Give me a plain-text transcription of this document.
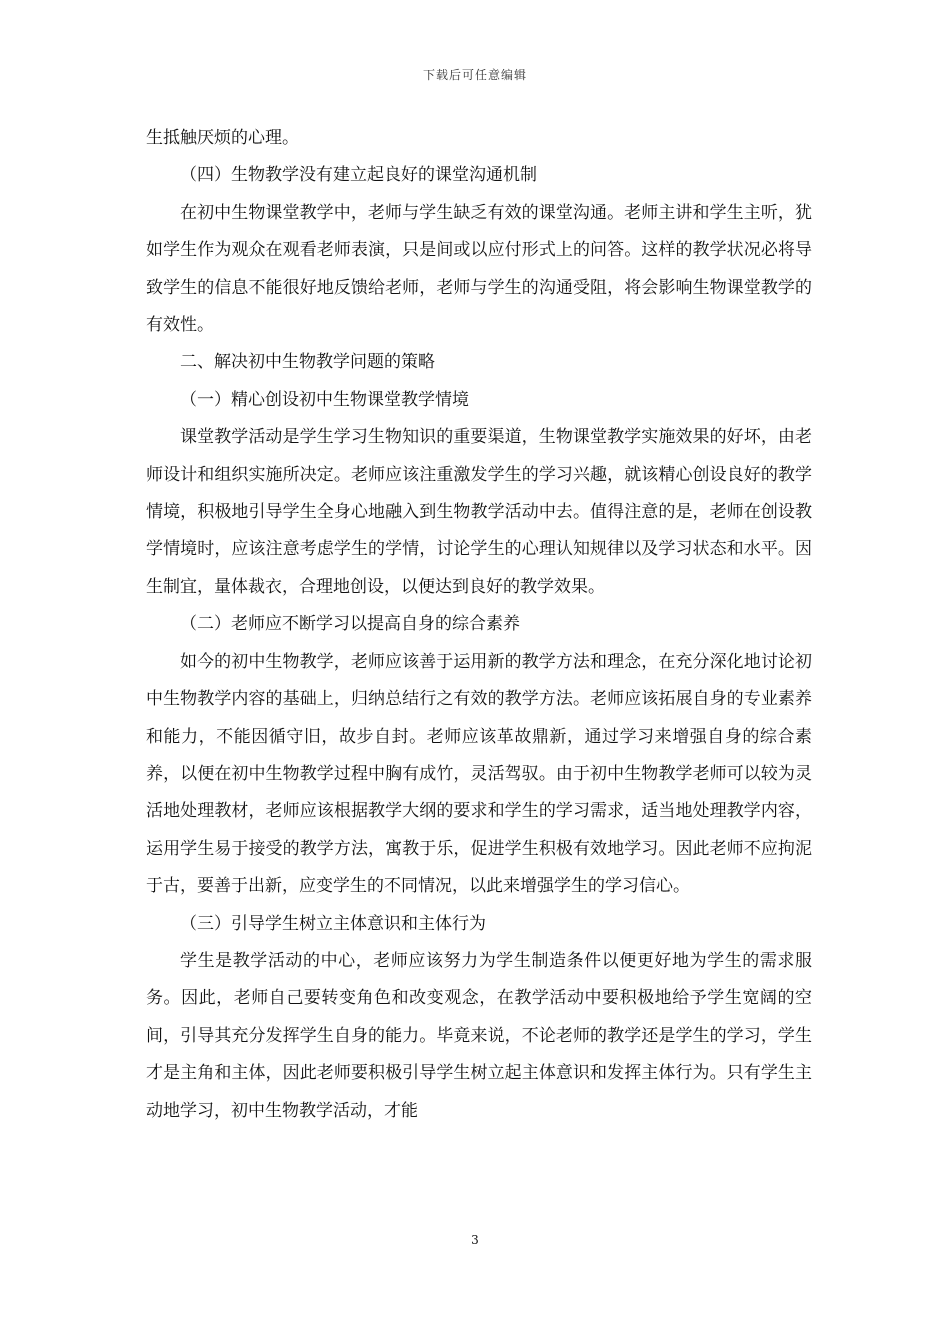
下载后可任意编辑

生抵触厌烦的心理。

（四）生物教学没有建立起良好的课堂沟通机制

在初中生物课堂教学中，老师与学生缺乏有效的课堂沟通。老师主讲和学生主听，犹如学生作为观众在观看老师表演，只是间或以应付形式上的问答。这样的教学状况必将导致学生的信息不能很好地反馈给老师，老师与学生的沟通受阻，将会影响生物课堂教学的有效性。

二、解决初中生物教学问题的策略

（一）精心创设初中生物课堂教学情境

课堂教学活动是学生学习生物知识的重要渠道，生物课堂教学实施效果的好坏，由老师设计和组织实施所决定。老师应该注重激发学生的学习兴趣，就该精心创设良好的教学情境，积极地引导学生全身心地融入到生物教学活动中去。值得注意的是，老师在创设教学情境时，应该注意考虑学生的学情，讨论学生的心理认知规律以及学习状态和水平。因生制宜，量体裁衣，合理地创设，以便达到良好的教学效果。

（二）老师应不断学习以提高自身的综合素养

如今的初中生物教学，老师应该善于运用新的教学方法和理念，在充分深化地讨论初中生物教学内容的基础上，归纳总结行之有效的教学方法。老师应该拓展自身的专业素养和能力，不能因循守旧，故步自封。老师应该革故鼎新，通过学习来增强自身的综合素养，以便在初中生物教学过程中胸有成竹，灵活驾驭。由于初中生物教学老师可以较为灵活地处理教材，老师应该根据教学大纲的要求和学生的学习需求，适当地处理教学内容，运用学生易于接受的教学方法，寓教于乐，促进学生积极有效地学习。因此老师不应拘泥于古，要善于出新，应变学生的不同情况，以此来增强学生的学习信心。

（三）引导学生树立主体意识和主体行为

学生是教学活动的中心，老师应该努力为学生制造条件以便更好地为学生的需求服务。因此，老师自己要转变角色和改变观念，在教学活动中要积极地给予学生宽阔的空间，引导其充分发挥学生自身的能力。毕竟来说，不论老师的教学还是学生的学习，学生才是主角和主体，因此老师要积极引导学生树立起主体意识和发挥主体行为。只有学生主动地学习，初中生物教学活动，才能

3
